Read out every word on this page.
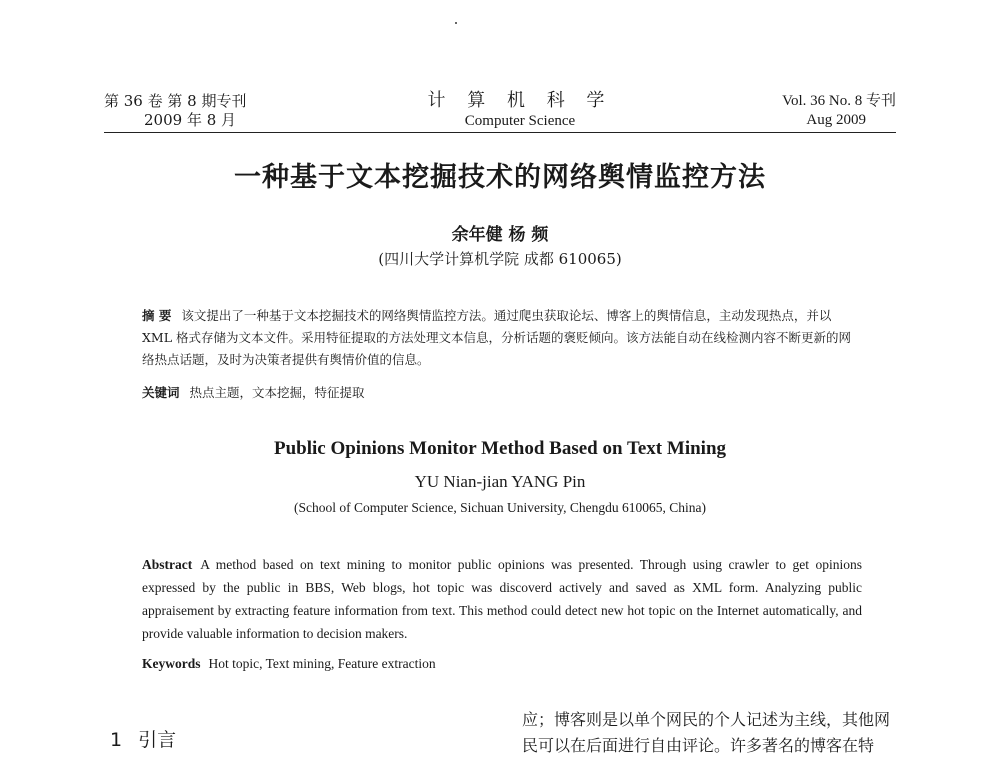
第 36 卷 第 8 期专刊
2009 年 8 月
计 算 机 科 学
Computer Science
Vol. 36 No. 8 专刊
Aug 2009
一种基于文本挖掘技术的网络舆情监控方法
余年健 杨 频
(四川大学计算机学院 成都 610065)
摘 要 该文提出了一种基于文本挖掘技术的网络舆情监控方法。通过爬虫获取论坛、博客上的舆情信息，主动发现热点，并以 XML 格式存储为文本文件。采用特征提取的方法处理文本信息，分析话题的褒贬倾向。该方法能自动在线检测内容不断更新的网络热点话题，及时为决策者提供有舆情价值的信息。
关键词 热点主题，文本挖掘，特征提取
Public Opinions Monitor Method Based on Text Mining
YU Nian-jian YANG Pin
(School of Computer Science, Sichuan University, Chengdu 610065, China)
Abstract A method based on text mining to monitor public opinions was presented. Through using crawler to get opinions expressed by the public in BBS, Web blogs, hot topic was discoverd actively and saved as XML form. Analyzing public appraisement by extracting feature information from text. This method could detect new hot topic on the Internet automatically, and provide valuable information to decision makers.
Keywords Hot topic, Text mining, Feature extraction
1 引言
应；博客则是以单个网民的个人记述为主线，其他网
民可以在后面进行自由评论。许多著名的博客在特
